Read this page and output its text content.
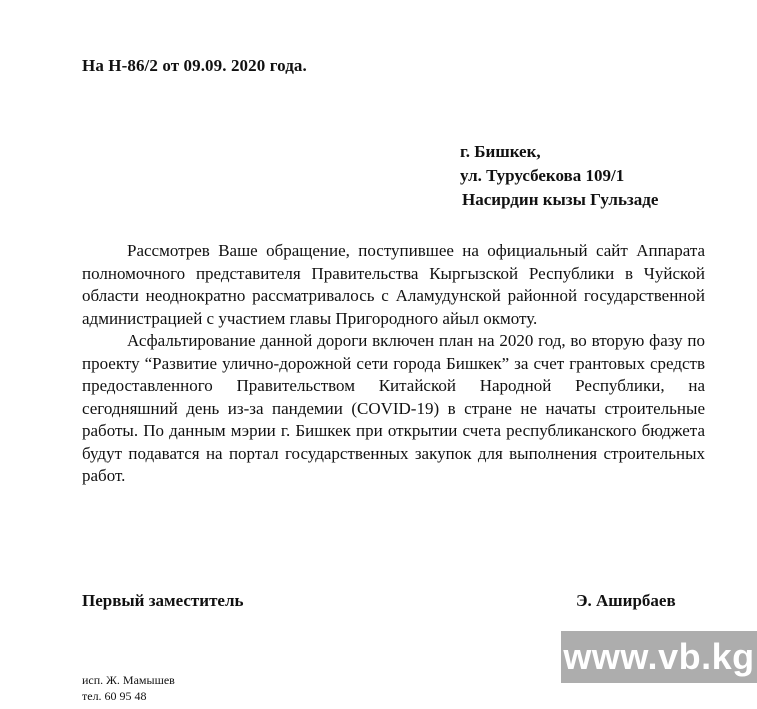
На Н-86/2 от 09.09. 2020 года.
г. Бишкек,
ул. Турусбекова 109/1
Насирдин кызы Гульзаде

Рассмотрев Ваше обращение, поступившее на официальный сайт Аппарата полномочного представителя Правительства Кыргызской Республики в Чуйской области неоднократно рассматривалось с Аламудунской районной государственной администрацией с участием главы Пригородного айыл окмоту.

Асфальтирование данной дороги включен план на 2020 год, во вторую фазу по проекту “Развитие улично-дорожной сети города Бишкек” за счет грантовых средств предоставленного Правительством Китайской Народной Республики, на сегодняшний день из-за пандемии (COVID-19) в стране не начаты строительные работы. По данным мэрии г. Бишкек при открытии счета республиканского бюджета будут подаватся на портал государственных закупок для выполнения строительных работ.

Первый заместитель	Э. Аширбаев
исп. Ж. Мамышев
тел. 60 95 48
www.vb.kg
